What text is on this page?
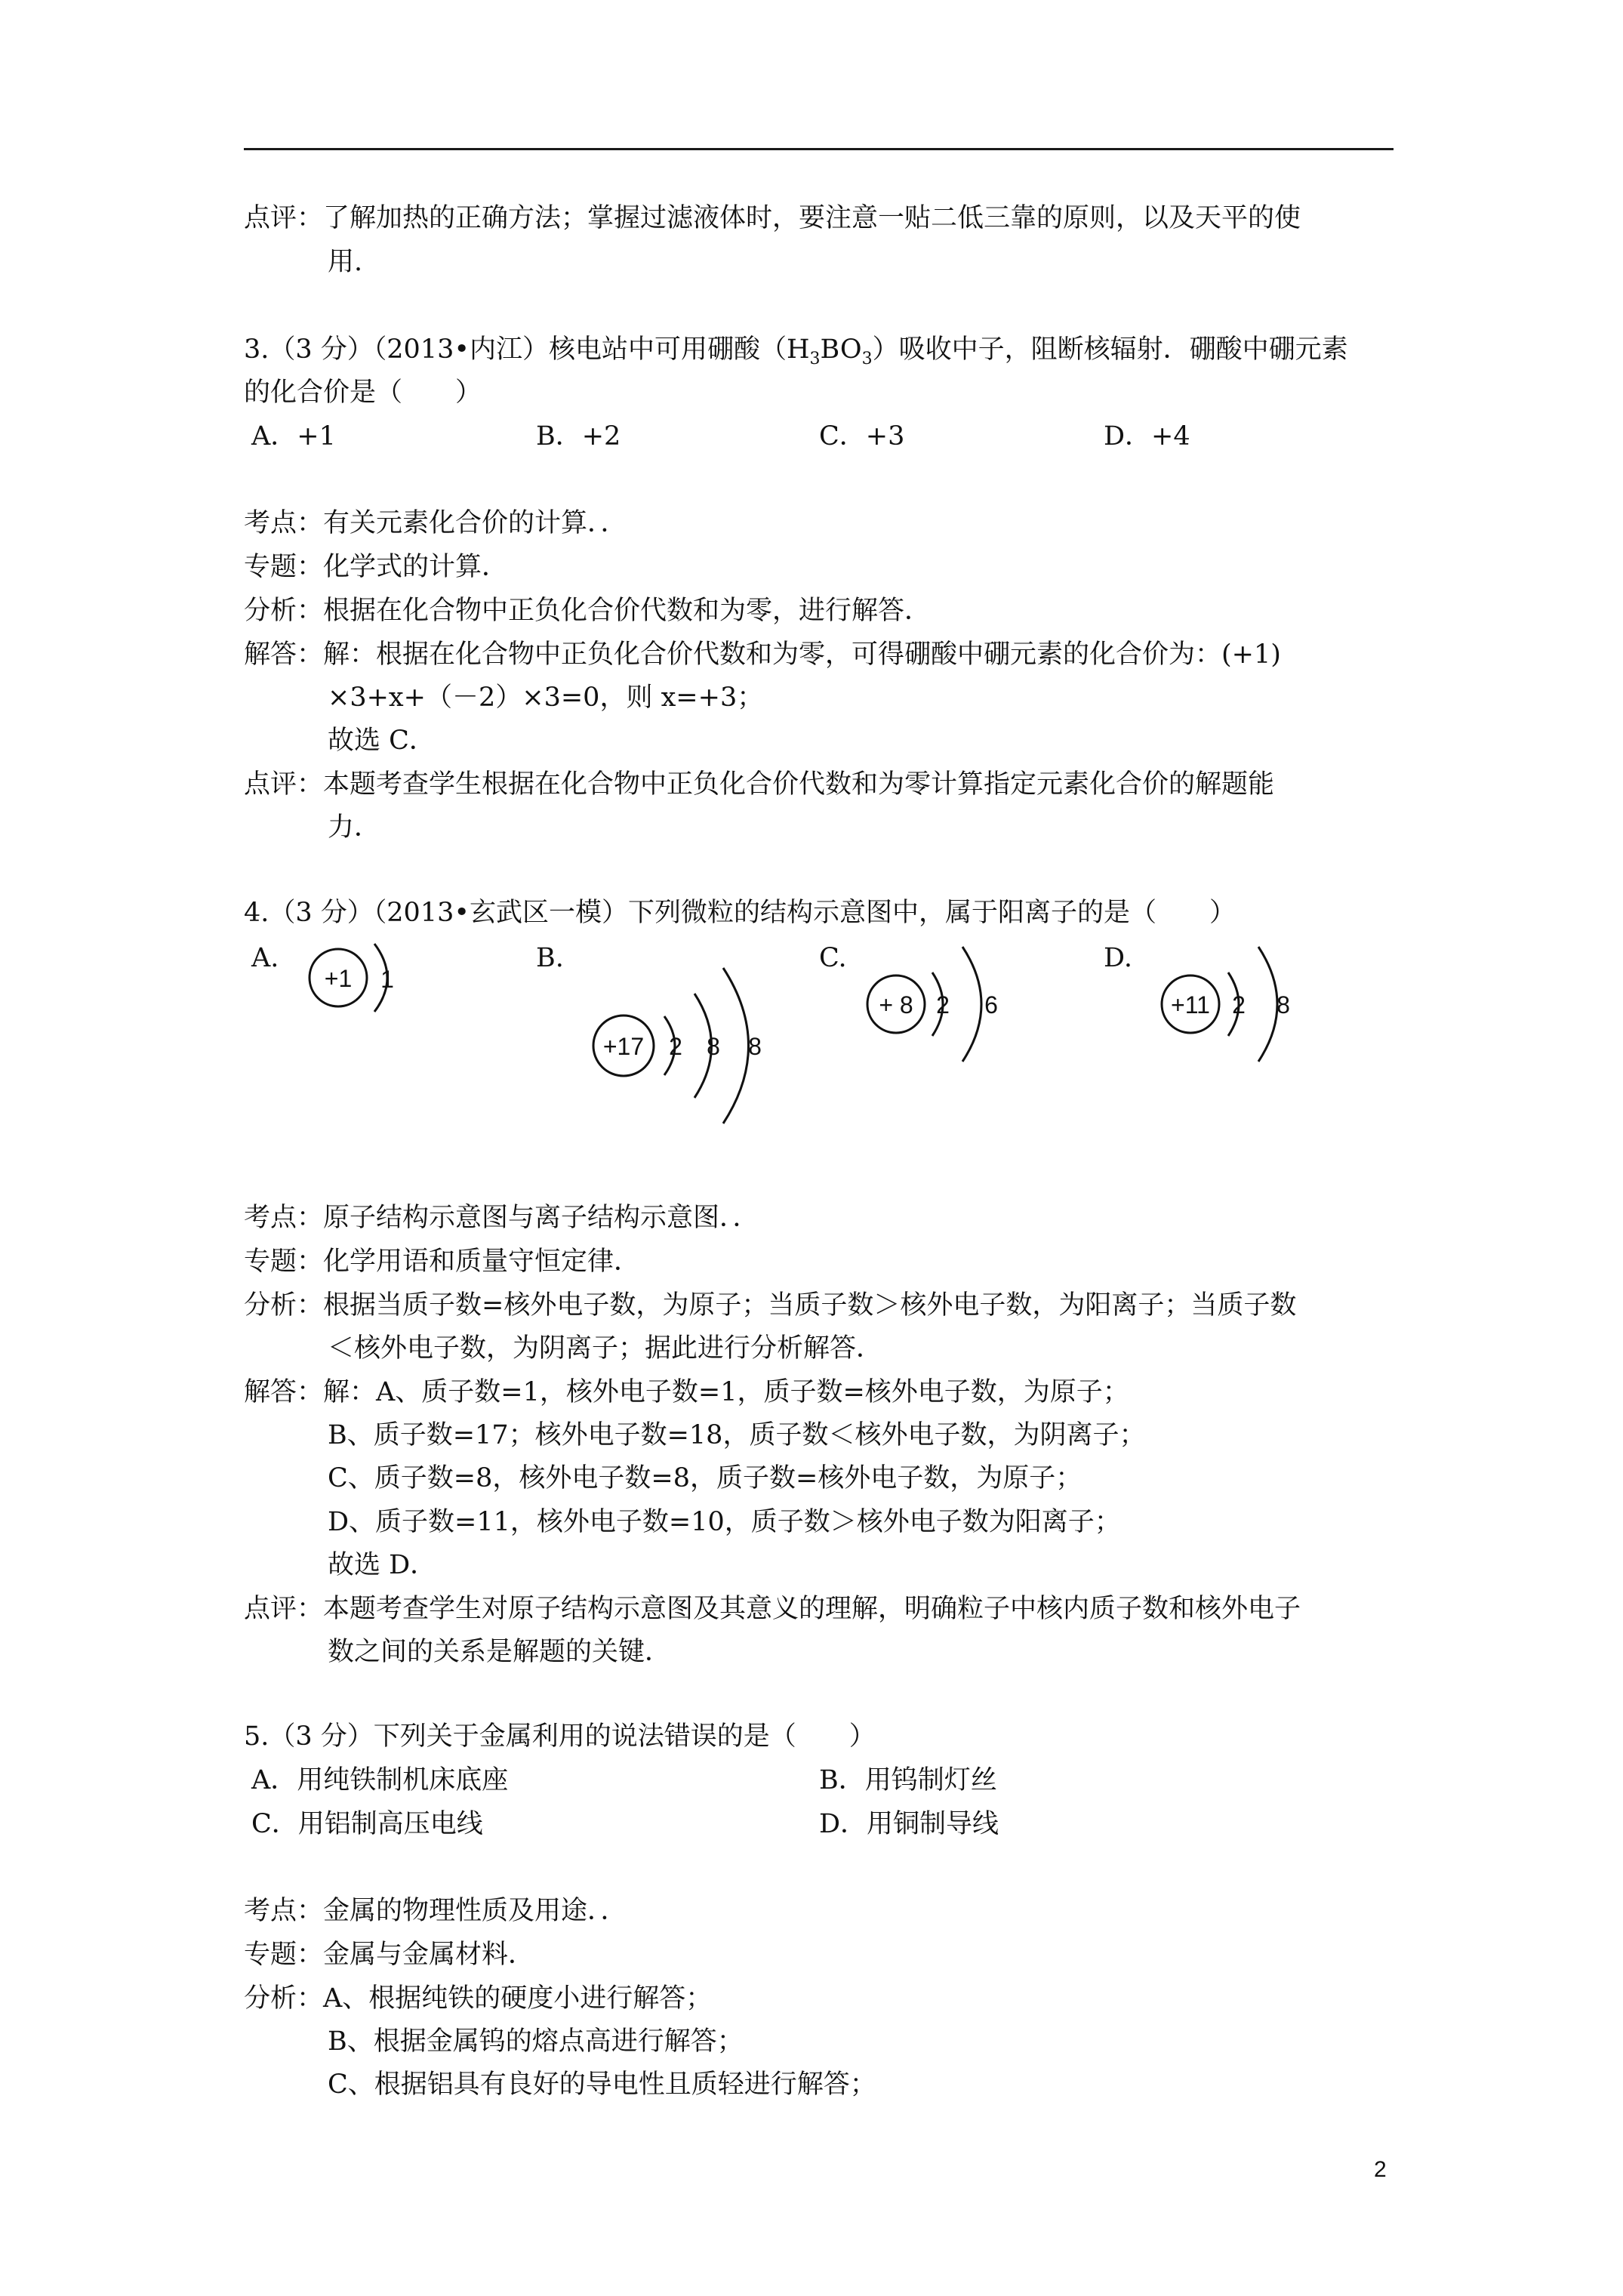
点评：了解加热的正确方法；掌握过滤液体时，要注意一贴二低三靠的原则，以及天平的使
用.
3.（3 分）（2013•内江）核电站中可用硼酸$(H_3BO_3)$吸收中子，阻断核辐射．硼酸中硼元素
的化合价是（　　）
A．+1	B．+2	C．+3	D．+4
考点：有关元素化合价的计算．．
专题：化学式的计算．
分析：根据在化合物中正负化合价代数和为零，进行解答．
解答：解：根据在化合物中正负化合价代数和为零，可得硼酸中硼元素的化合价为：(+1)
×3+x+（－2）×3=0，则 x=+3；
故选 C．
点评：本题考查学生根据在化合物中正负化合价代数和为零计算指定元素化合价的解题能
力．
4.（3 分）（2013•玄武区一模）下列微粒的结构示意图中，属于阳离子的是（　　）
A.	B.	C.	D.
+1 1
+17 2 8 8
+ 8 2 6	+11 2 8
考点：原子结构示意图与离子结构示意图．．
专题：化学用语和质量守恒定律．
分析：根据当质子数=核外电子数，为原子；当质子数＞核外电子数，为阳离子；当质子数
＜核外电子数，为阴离子；据此进行分析解答．
解答：解：A、质子数=1，核外电子数=1，质子数=核外电子数，为原子；
B、质子数=17；核外电子数=18，质子数＜核外电子数，为阴离子；
C、质子数=8，核外电子数=8，质子数=核外电子数，为原子；
D、质子数=11，核外电子数=10，质子数＞核外电子数为阳离子；
故选 D．
点评：本题考查学生对原子结构示意图及其意义的理解，明确粒子中核内质子数和核外电子
数之间的关系是解题的关键．
5.（3 分）下列关于金属利用的说法错误的是（　　）
A．用纯铁制机床底座	B．用钨制灯丝
C．用铝制高压电线	D．用铜制导线
考点：金属的物理性质及用途．．
专题：金属与金属材料．
分析：A、根据纯铁的硬度小进行解答；
B、根据金属钨的熔点高进行解答；
C、根据铝具有良好的导电性且质轻进行解答；
2
